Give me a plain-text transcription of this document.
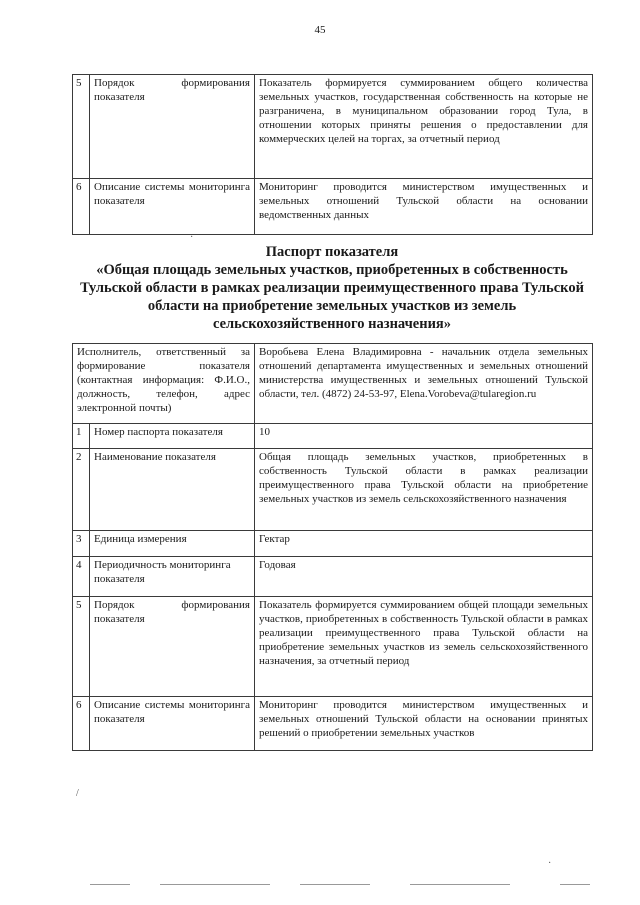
45
5	Порядок формирования показателя	Показатель формируется суммированием общего количества земельных участков, государственная собственность на которые не разграничена, в муниципальном образовании город Тула, в отношении которых приняты решения о предоставлении для коммерческих целей на торгах, за отчетный период
6	Описание системы мониторинга показателя	Мониторинг проводится министерством имущественных и земельных отношений Тульской области на основании ведомственных данных
Паспорт показателя
«Общая площадь земельных участков, приобретенных в собственность Тульской области в рамках реализации преимущественного права Тульской области на приобретение земельных участков из земель сельскохозяйственного назначения»
Исполнитель, ответственный за формирование показателя (контактная информация: Ф.И.О., должность, телефон, адрес электронной почты)		Воробьева Елена Владимировна - начальник отдела земельных отношений департамента имущественных и земельных отношений министерства имущественных и земельных отношений Тульской области, тел. (4872) 24-53-97, Elena.Vorobeva@tularegion.ru
1	Номер паспорта показателя	10
2	Наименование показателя	Общая площадь земельных участков, приобретенных в собственность Тульской области в рамках реализации преимущественного права Тульской области на приобретение земельных участков из земель сельскохозяйственного назначения
3	Единица измерения	Гектар
4	Периодичность мониторинга показателя	Годовая
5	Порядок формирования показателя	Показатель формируется суммированием общей площади земельных участков, приобретенных в собственность Тульской области в рамках реализации преимущественного права Тульской области на приобретение земельных участков из земель сельскохозяйственного назначения, за отчетный период
6	Описание системы мониторинга показателя	Мониторинг проводится министерством имущественных и земельных отношений Тульской области на основании принятых решений о приобретении земельных участков
·
/
·
